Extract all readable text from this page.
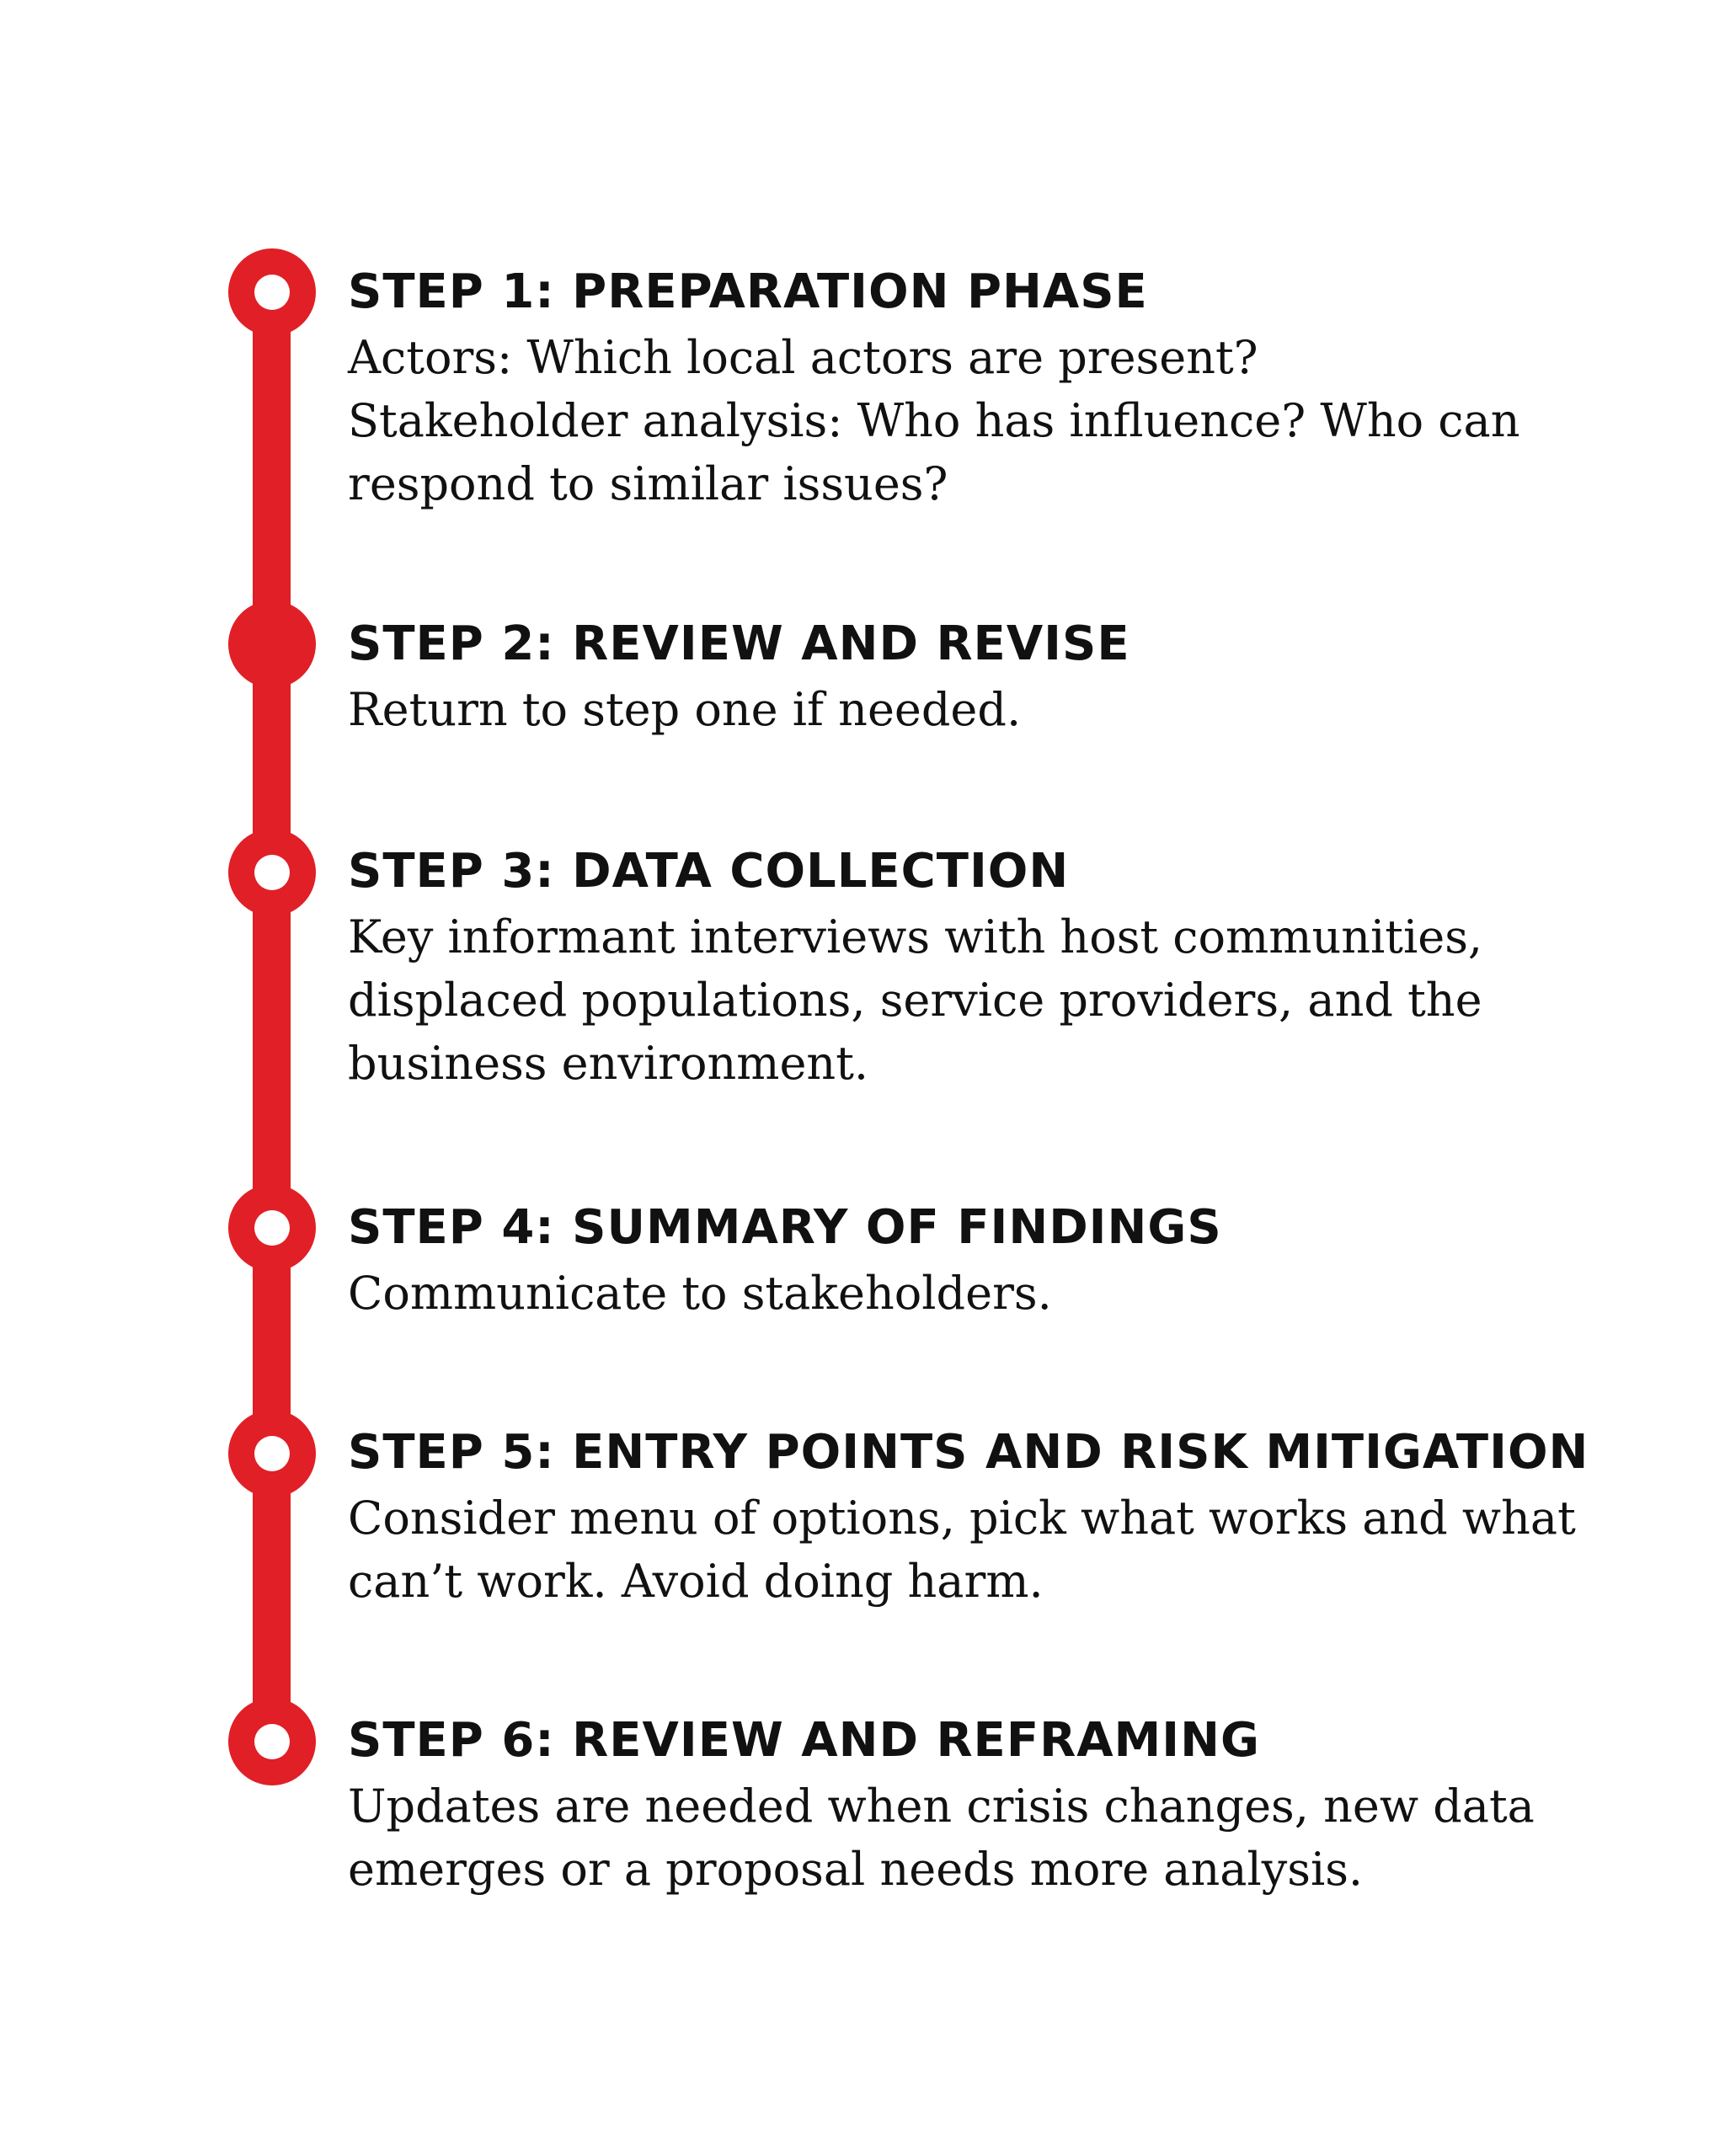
STEP 1: PREPARATION PHASE
Actors: Which local actors are present?
Stakeholder analysis: Who has influence? Who can
respond to similar issues?
STEP 2: REVIEW AND REVISE
Return to step one if needed.
STEP 3: DATA COLLECTION
Key informant interviews with host communities,
displaced populations, service providers, and the
business environment.
STEP 4: SUMMARY OF FINDINGS
Communicate to stakeholders.
STEP 5: ENTRY POINTS AND RISK MITIGATION
Consider menu of options, pick what works and what
can’t work. Avoid doing harm.
STEP 6: REVIEW AND REFRAMING
Updates are needed when crisis changes, new data
emerges or a proposal needs more analysis.
